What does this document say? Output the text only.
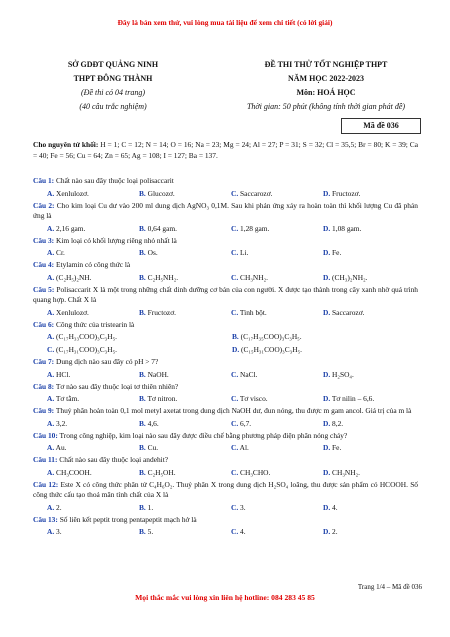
Đây là bản xem thử, vui lòng mua tài liệu để xem chi tiết (có lời giải)
SỞ GDĐT QUẢNG NINH
THPT ĐÔNG THÀNH
(Đề thi có 04 trang)
(40 câu trắc nghiệm)
ĐỀ THI THỬ TỐT NGHIỆP THPT
NĂM HỌC 2022-2023
Môn: HOÁ HỌC
Thời gian: 50 phút (không tính thời gian phát đề)
Mã đề 036
Cho nguyên tử khối: H = 1; C = 12; N = 14; O = 16; Na = 23; Mg = 24; Al = 27; P = 31; S = 32; Cl = 35,5; Br = 80; K = 39; Ca = 40; Fe = 56; Cu = 64; Zn = 65; Ag = 108; I = 127; Ba = 137.
Câu 1: Chất nào sau đây thuộc loại polisaccarit
A. Xenlulozơ.	B. Glucozơ.	C. Saccarozơ.	D. Fructozơ.
Câu 2: Cho kim loại Cu dư vào 200 ml dung dịch AgNO₃ 0,1M. Sau khi phản ứng xảy ra hoàn toàn thì khối lượng Cu đã phản ứng là
A. 2,16 gam.	B. 0,64 gam.	C. 1,28 gam.	D. 1,08 gam.
Câu 3: Kim loại có khối lượng riêng nhỏ nhất là
A. Cr.	B. Os.	C. Li.	D. Fe.
Câu 4: Etylamin có công thức là
A. (C₂H₅)₂NH.	B. C₂H₅NH₂.	C. CH₃NH₂.	D. (CH₃)₂NH₂.
Câu 5: Polisaccarit X là một trong những chất dinh dưỡng cơ bản của con người. X được tạo thành trong cây xanh nhờ quá trình quang hợp. Chất X là
A. Xenlulozơ.	B. Fructozơ.	C. Tinh bột.	D. Saccarozơ.
Câu 6: Công thức của tristearin là
A. (C₁₇H₃₃COO)₃C₃H₅.	B. (C₁₇H₃₅COO)₃C₃H₅.
C. (C₁₇H₃₁COO)₃C₃H₅.	D. (C₁₅H₃₁COO)₃C₃H₅.
Câu 7: Dung dịch nào sau đây có pH > 7?
A. HCl.	B. NaOH.	C. NaCl.	D. H₂SO₄.
Câu 8: Tơ nào sau đây thuộc loại tơ thiên nhiên?
A. Tơ tằm.	B. Tơ nitron.	C. Tơ visco.	D. Tơ nilin – 6,6.
Câu 9: Thuỷ phân hoàn toàn 0,1 mol metyl axetat trong dung dịch NaOH dư, đun nóng, thu được m gam ancol. Giá trị của m là
A. 3,2.	B. 4,6.	C. 6,7.	D. 8,2.
Câu 10: Trong công nghiệp, kim loại nào sau đây được điều chế bằng phương pháp điện phân nóng chảy?
A. Au.	B. Cu.	C. Al.	D. Fe.
Câu 11: Chất nào sau đây thuộc loại andehit?
A. CH₃COOH.	B. C₂H₅OH.	C. CH₃CHO.	D. CH₃NH₂.
Câu 12: Este X có công thức phân tử C₄H₆O₂. Thuỷ phân X trong dung dịch H₂SO₄ loãng, thu được sản phẩm có HCOOH. Số công thức cấu tạo thoả mãn tính chất của X là
A. 2.	B. 1.	C. 3.	D. 4.
Câu 13: Số liên kết peptit trong pentapeptit mạch hở là
A. 3.	B. 5.	C. 4.	D. 2.
Trang 1/4 – Mã đề 036
Mọi thắc mắc vui lòng xin liên hệ hotline: 084 283 45 85
